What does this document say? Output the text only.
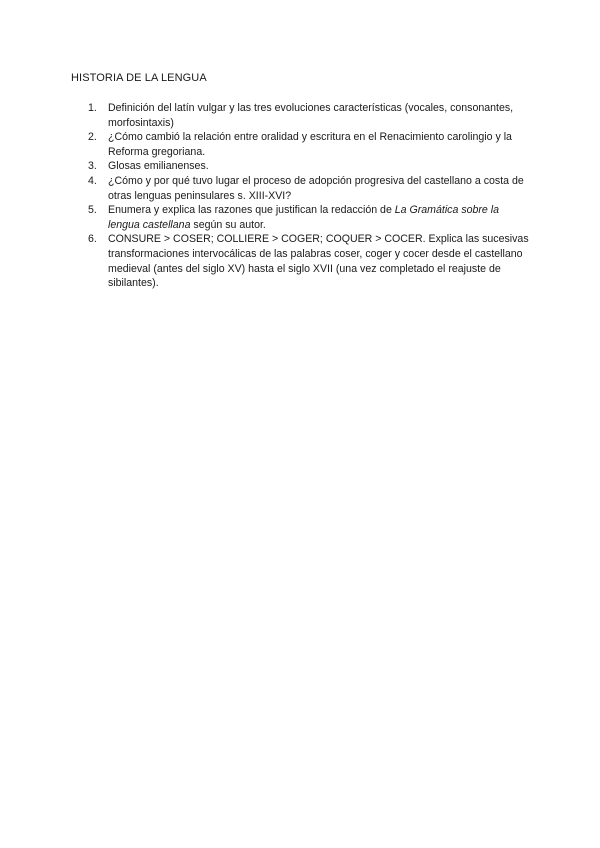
HISTORIA DE LA LENGUA
1. Definición del latín vulgar y las tres evoluciones características (vocales, consonantes, morfosintaxis)
2. ¿Cómo cambió la relación entre oralidad y escritura en el Renacimiento carolingio y la Reforma gregoriana.
3. Glosas emilianenses.
4. ¿Cómo y por qué tuvo lugar el proceso de adopción progresiva del castellano a costa de otras lenguas peninsulares s. XIII-XVI?
5. Enumera y explica las razones que justifican la redacción de La Gramática sobre la lengua castellana según su autor.
6. CONSURE > COSER; COLLIERE > COGER; COQUER > COCER. Explica las sucesivas transformaciones intervocálicas de las palabras coser, coger y cocer desde el castellano medieval (antes del siglo XV) hasta el siglo XVII (una vez completado el reajuste de sibilantes).
